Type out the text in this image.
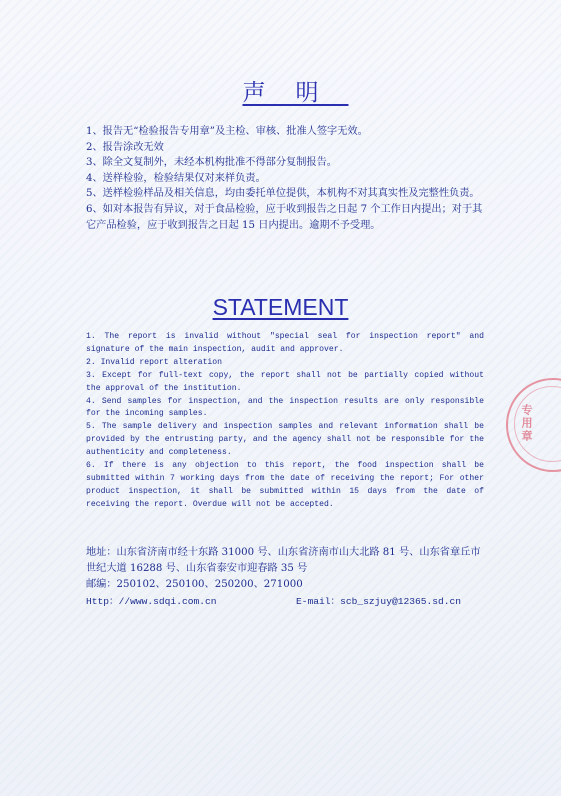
声明

1、报告无“检验报告专用章”及主检、审核、批准人签字无效。

2、报告涂改无效

3、除全文复制外，未经本机构批准不得部分复制报告。

4、送样检验，检验结果仅对来样负责。

5、送样检验样品及相关信息，均由委托单位提供，本机构不对其真实性及完整性负责。

6、如对本报告有异议，对于食品检验，应于收到报告之日起 7 个工作日内提出；对于其它产品检验，应于收到报告之日起 15 日内提出。逾期不予受理。

STATEMENT

1. The report is invalid without "special seal for inspection report" and signature of the main inspection, audit and approver.

2. Invalid report alteration

3. Except for full-text copy, the report shall not be partially copied without the approval of the institution.

4. Send samples for inspection, and the inspection results are only responsible for the incoming samples.

5. The sample delivery and inspection samples and relevant information shall be provided by the entrusting party, and the agency shall not be responsible for the authenticity and completeness.

6. If there is any objection to this report, the food inspection shall be submitted within 7 working days from the date of receiving the report; For other product inspection, it shall be submitted within 15 days from the date of receiving the report. Overdue will not be accepted.

地址：山东省济南市经十东路 31000 号、山东省济南市山大北路 81 号、山东省章丘市世纪大道 16288 号、山东省泰安市迎春路 35 号

邮编：250102、250100、250200、271000

Http：//www.sdqi.com.cn	E-mail：scb_szjuy@12365.sd.cn
专用章
